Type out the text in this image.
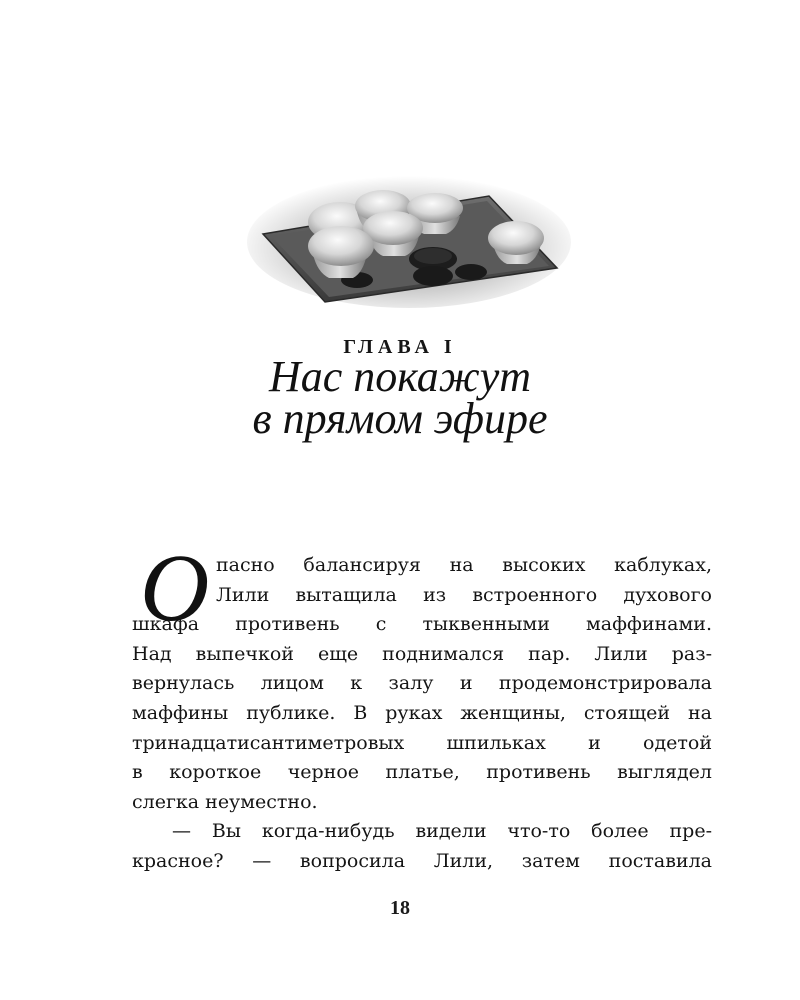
ГЛАВА I
Нас покажут
в прямом эфире
О пасно балансируя на высоких каблуках,
Лили вытащила из встроенного духового
шкафа противень с тыквенными маффинами.
Над выпечкой еще поднимался пар. Лили раз-
вернулась лицом к залу и продемонстрировала
маффины публике. В руках женщины, стоящей на
тринадцатисантиметровых шпильках и одетой
в короткое черное платье, противень выглядел
слегка неуместно.
— Вы когда-нибудь видели что-то более пре-
красное? — вопросила Лили, затем поставила
18
